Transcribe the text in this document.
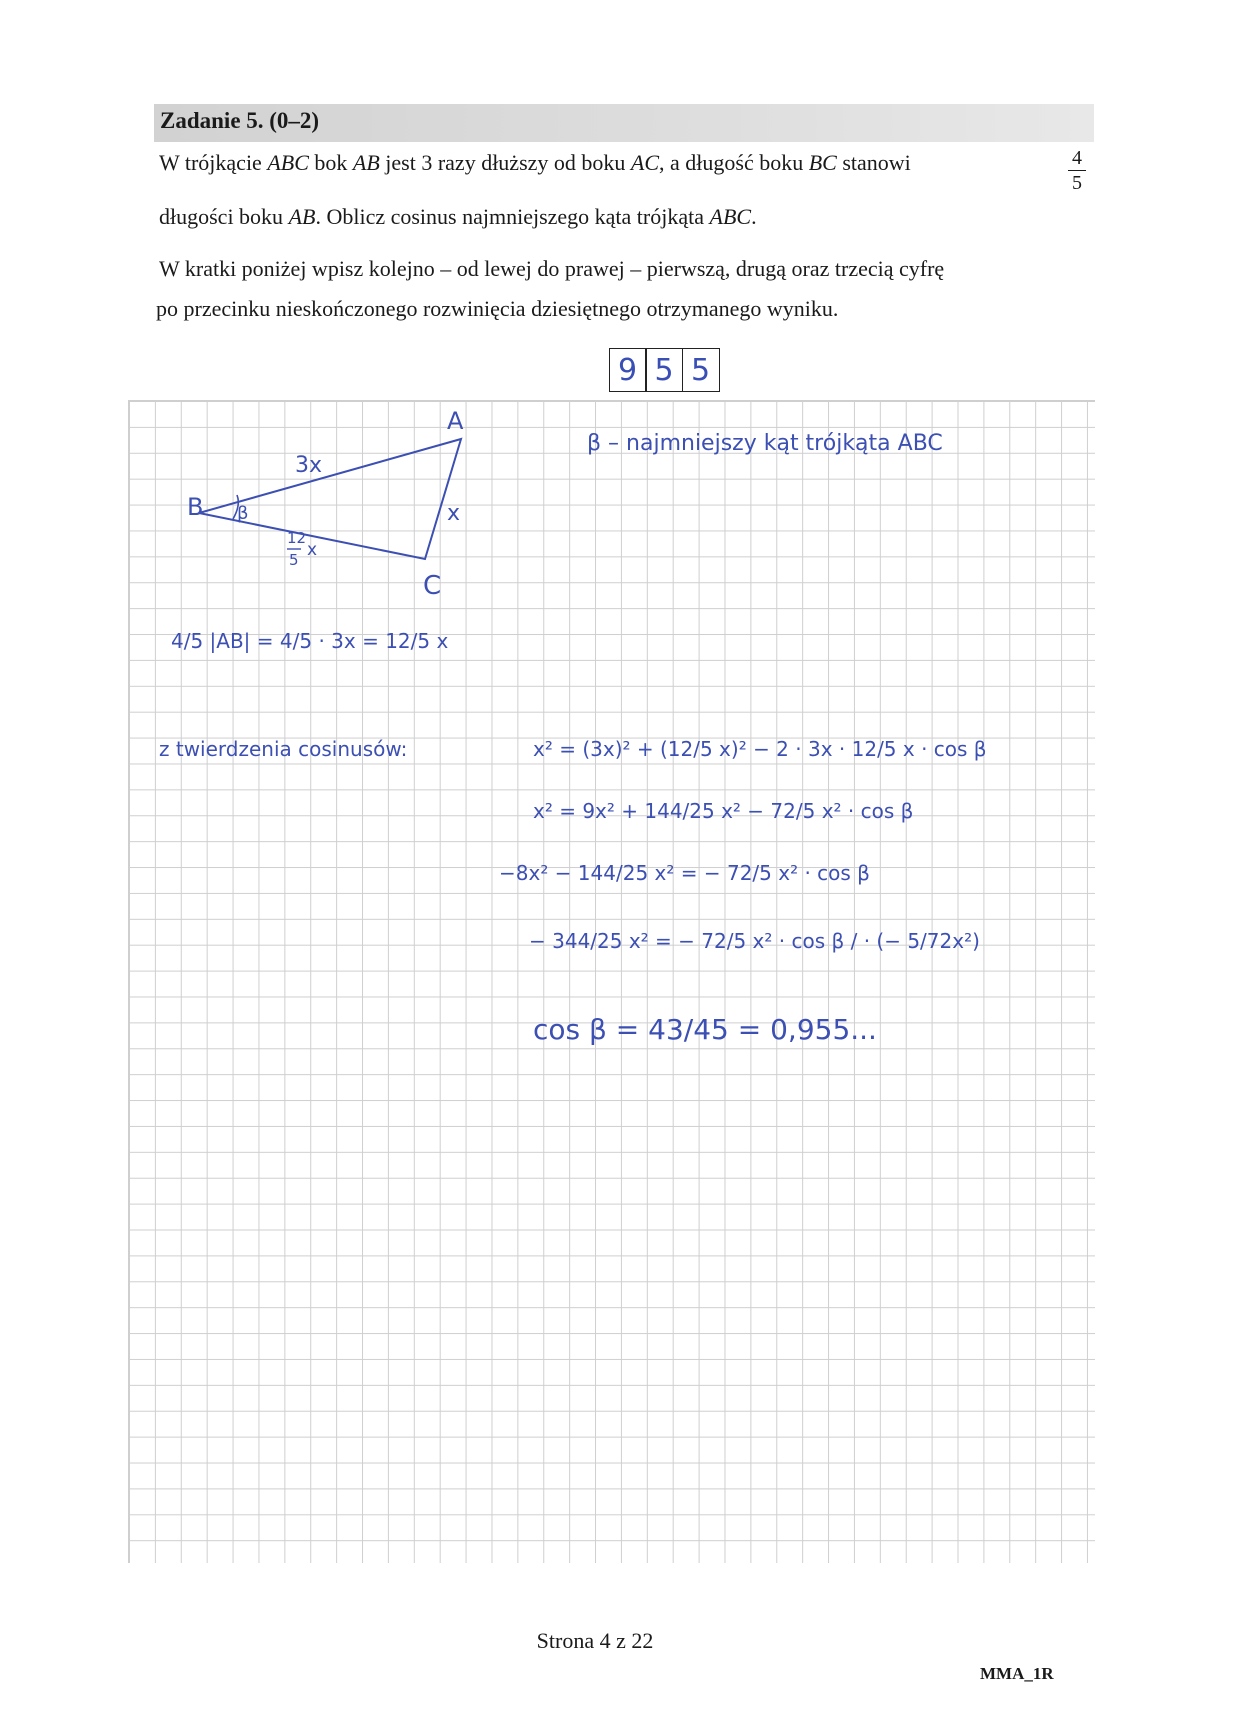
Zadanie 5. (0–2)
W trójkącie ABC bok AB jest 3 razy dłuższy od boku AC, a długość boku BC stanowi	4
5
długości boku AB. Oblicz cosinus najmniejszego kąta trójkąta ABC.
W kratki poniżej wpisz kolejno – od lewej do prawej – pierwszą, drugą oraz trzecią cyfrę
po przecinku nieskończonego rozwinięcia dziesiętnego otrzymanego wyniku.
9 5 5
A
B
C
3x
x
β
12
5 x
β – najmniejszy kąt trójkąta ABC
4/5 |AB| = 4/5 · 3x = 12/5 x
z twierdzenia cosinusów:	x² = (3x)² + (12/5 x)² − 2 · 3x · 12/5 x · cos β
x² = 9x² + 144/25 x² − 72/5 x² · cos β
−8x² − 144/25 x² = − 72/5 x² · cos β
− 344/25 x² = − 72/5 x² · cos β / · (− 5/72x²)
cos β = 43/45 = 0,955...
Strona 4 z 22
MMA_1R
